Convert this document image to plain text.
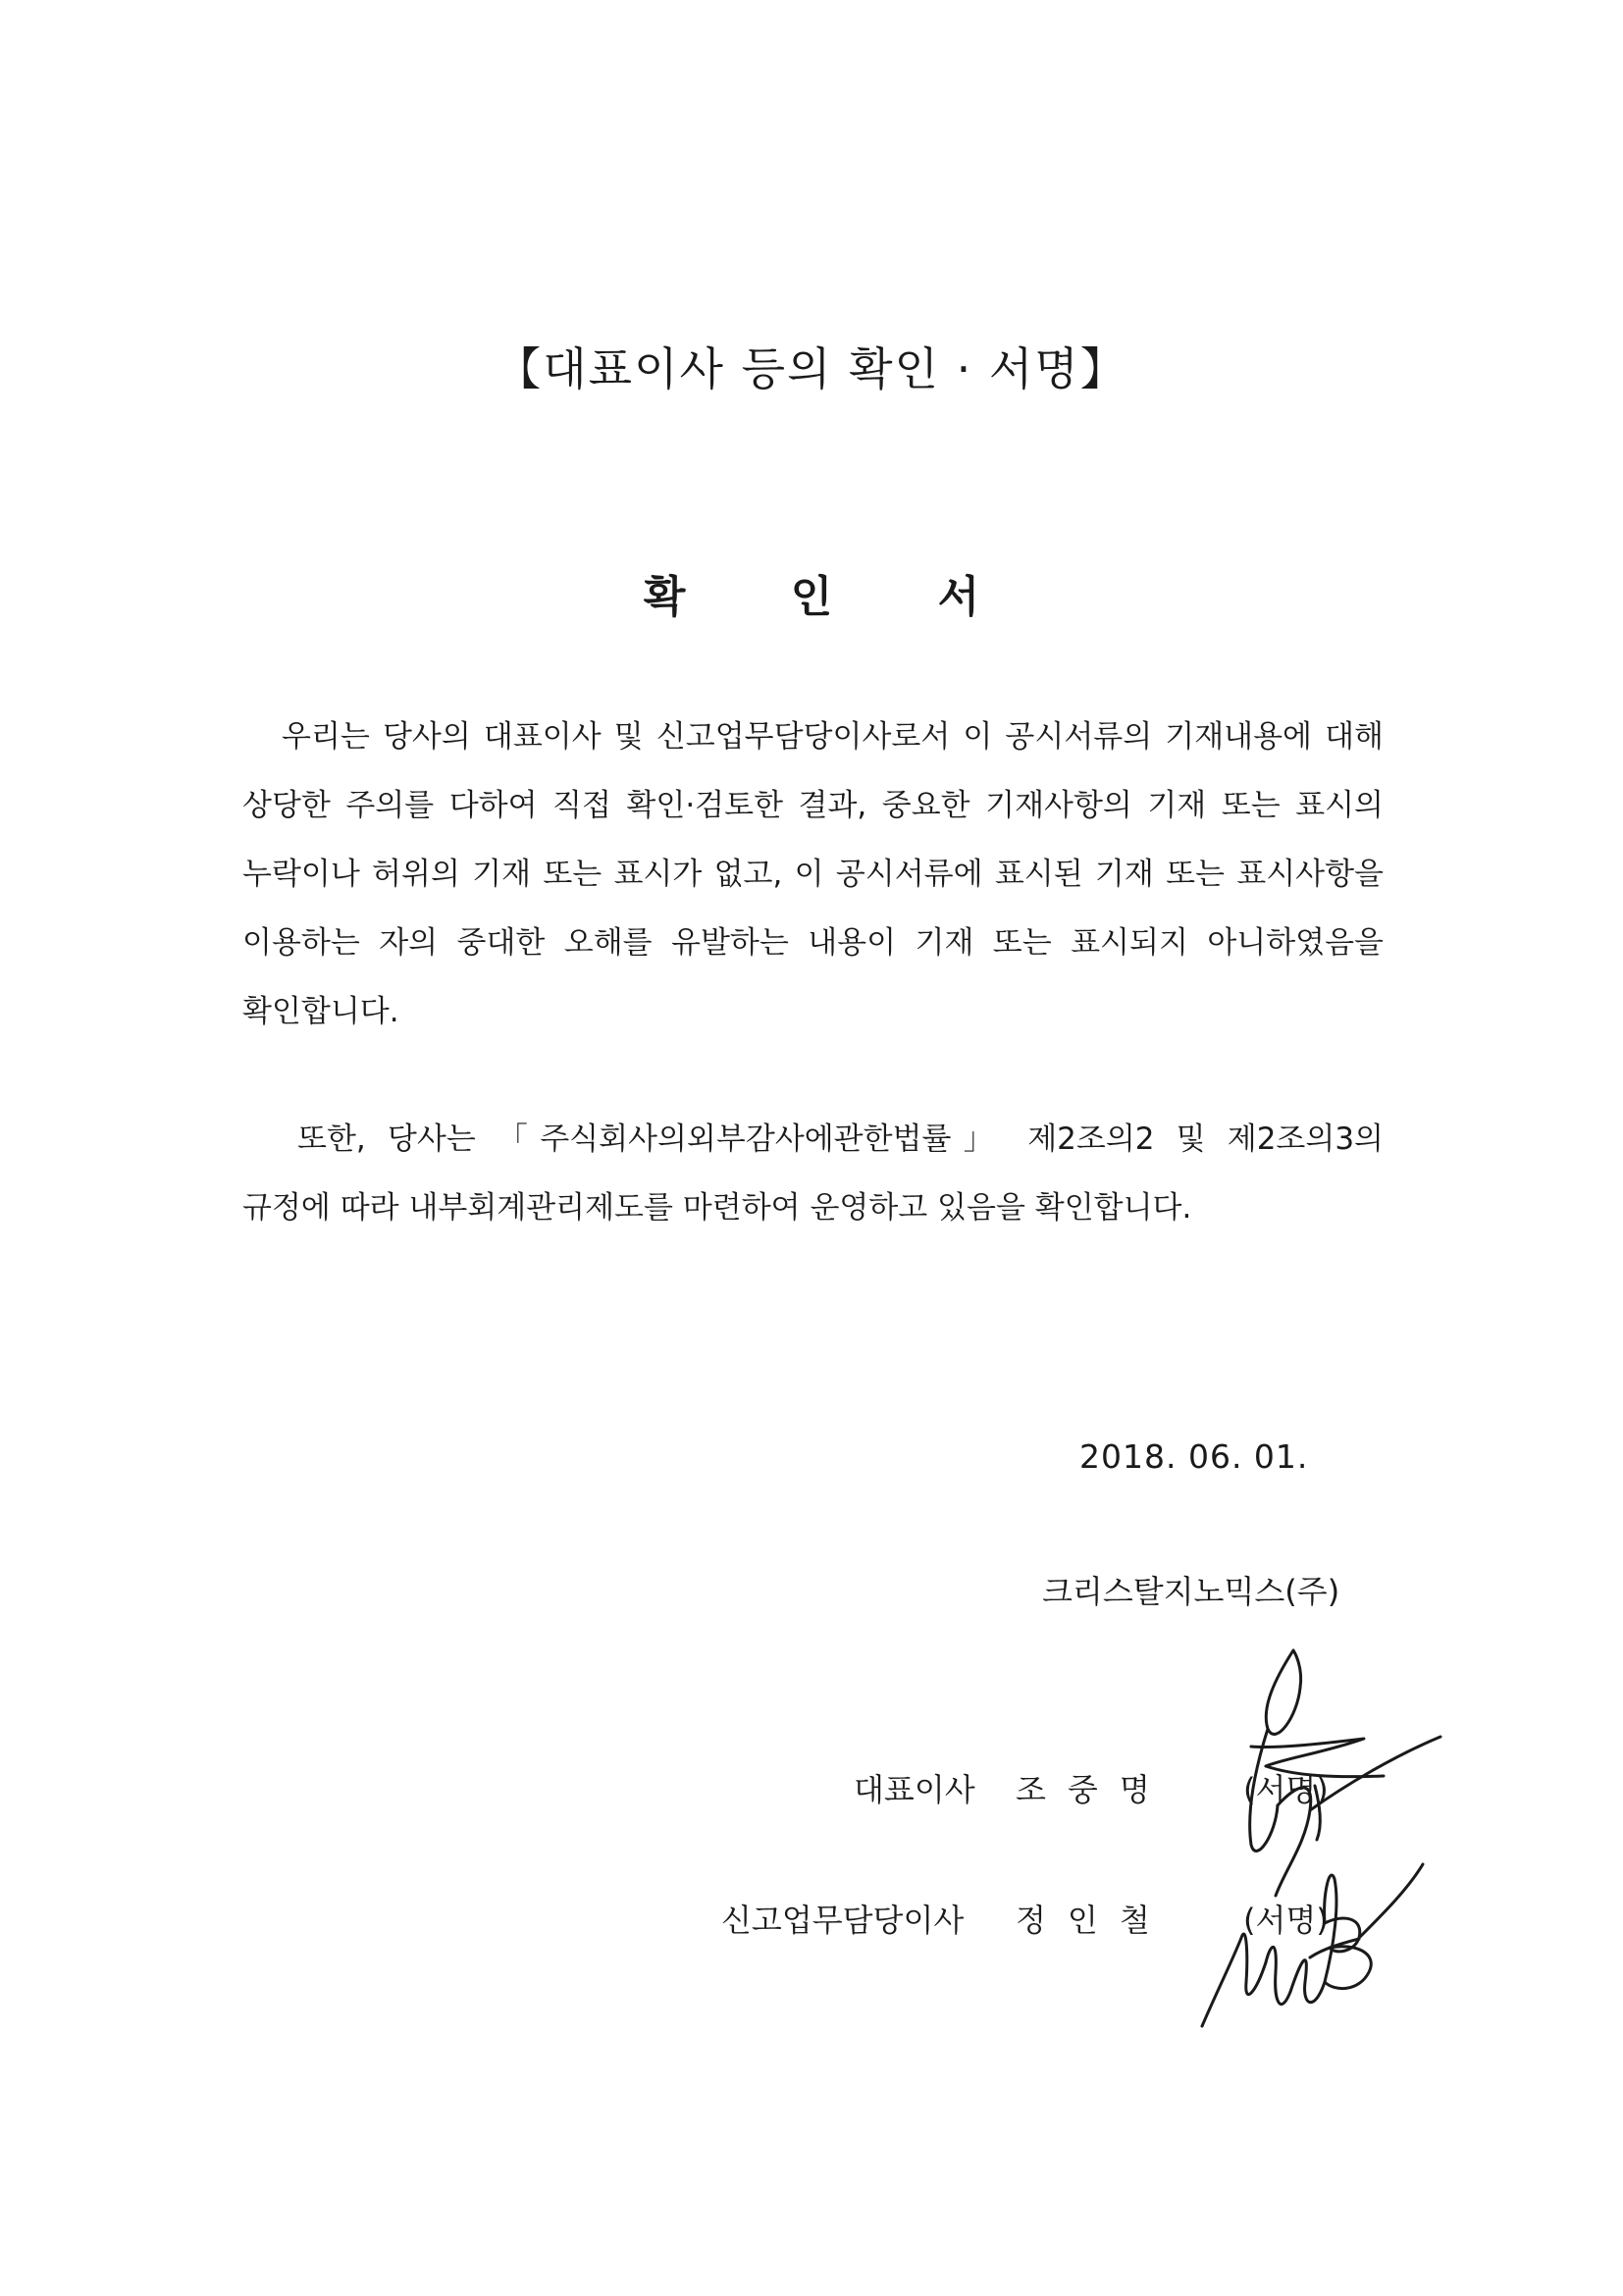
【대표이사 등의 확인 · 서명】
확 인 서

우리는 당사의 대표이사 및 신고업무담당이사로서 이 공시서류의 기재내용에 대해 상당한 주의를 다하여 직접 확인·검토한 결과, 중요한 기재사항의 기재 또는 표시의 누락이나 허위의 기재 또는 표시가 없고, 이 공시서류에 표시된 기재 또는 표시사항을 이용하는 자의 중대한 오해를 유발하는 내용이 기재 또는 표시되지 아니하였음을 확인합니다.

또한, 당사는 「주식회사의외부감사에관한법률」 제2조의2 및 제2조의3의 규정에 따라 내부회계관리제도를 마련하여 운영하고 있음을 확인합니다.

2018. 06. 01.
크리스탈지노믹스(주)
대표이사 조중명 (서명)
신고업무담당이사 정인철 (서명)
